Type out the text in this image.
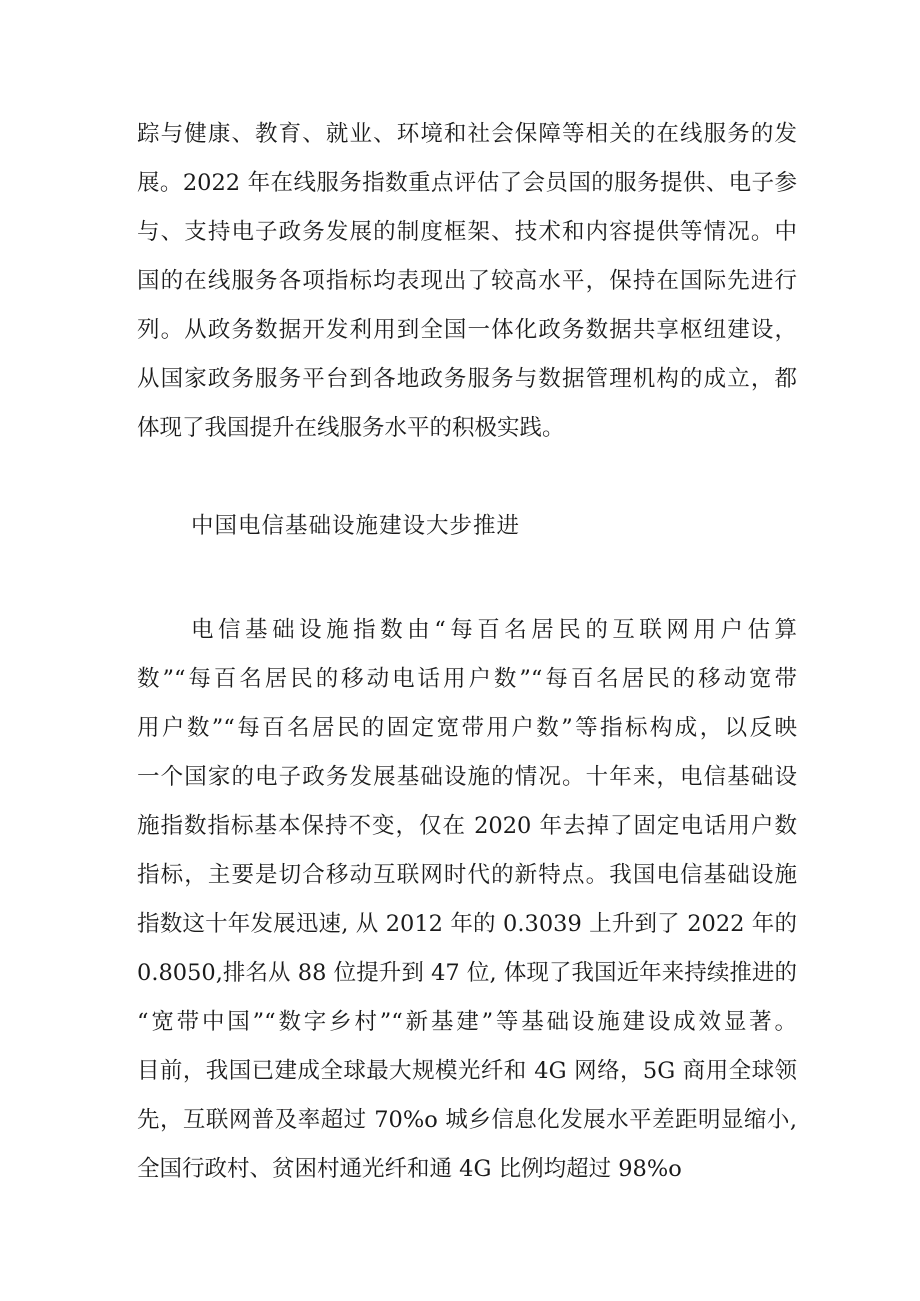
踪与健康、教育、就业、环境和社会保障等相关的在线服务的发
展。2022 年在线服务指数重点评估了会员国的服务提供、电子参
与、支持电子政务发展的制度框架、技术和内容提供等情况。中
国的在线服务各项指标均表现出了较高水平，保持在国际先进行
列。从政务数据开发利用到全国一体化政务数据共享枢纽建设，
从国家政务服务平台到各地政务服务与数据管理机构的成立，都
体现了我国提升在线服务水平的积极实践。
中国电信基础设施建设大步推进
电信基础设施指数由“每百名居民的互联网用户估算
数”“每百名居民的移动电话用户数”“每百名居民的移动宽带
用户数”“每百名居民的固定宽带用户数”等指标构成，以反映
一个国家的电子政务发展基础设施的情况。十年来，电信基础设
施指数指标基本保持不变，仅在 2020 年去掉了固定电话用户数
指标，主要是切合移动互联网时代的新特点。我国电信基础设施
指数这十年发展迅速, 从 2012 年的 0.3039 上升到了 2022 年的
0.8050,排名从 88 位提升到 47 位, 体现了我国近年来持续推进的
“宽带中国”“数字乡村”“新基建”等基础设施建设成效显著。
目前，我国已建成全球最大规模光纤和 4G 网络，5G 商用全球领
先，互联网普及率超过 70%o 城乡信息化发展水平差距明显缩小,
全国行政村、贫困村通光纤和通 4G 比例均超过 98%o
